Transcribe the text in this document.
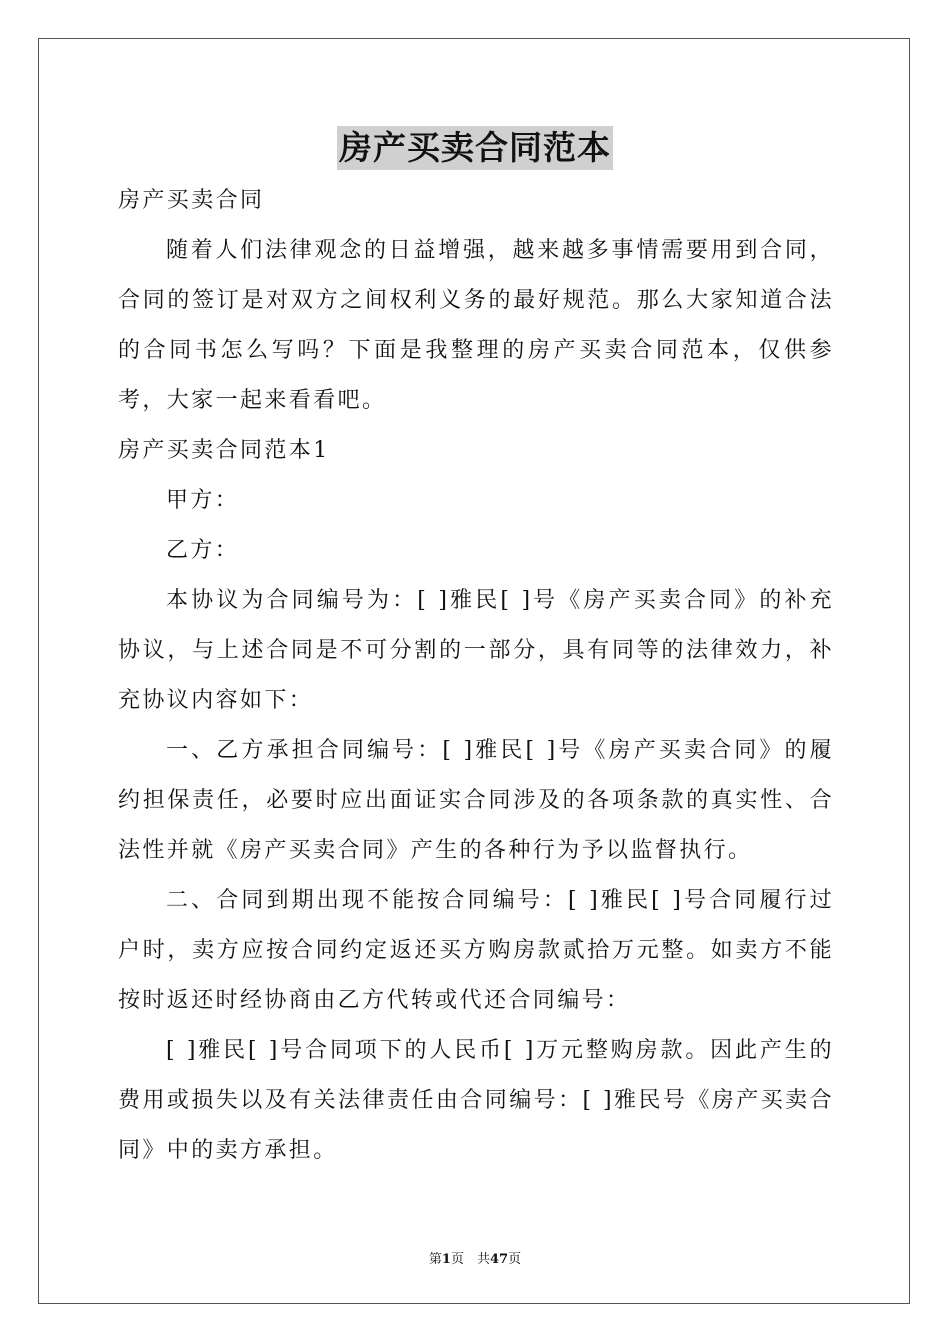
房产买卖合同范本

房产买卖合同

随着人们法律观念的日益增强，越来越多事情需要用到合同，合同的签订是对双方之间权利义务的最好规范。那么大家知道合法的合同书怎么写吗？下面是我整理的房产买卖合同范本，仅供参考，大家一起来看看吧。

房产买卖合同范本1

甲方：

乙方：

本协议为合同编号为：[ ]雅民[ ]号《房产买卖合同》的补充协议，与上述合同是不可分割的一部分，具有同等的法律效力，补充协议内容如下：

一、乙方承担合同编号：[ ]雅民[ ]号《房产买卖合同》的履约担保责任，必要时应出面证实合同涉及的各项条款的真实性、合法性并就《房产买卖合同》产生的各种行为予以监督执行。

二、合同到期出现不能按合同编号：[ ]雅民[ ]号合同履行过户时，卖方应按合同约定返还买方购房款贰拾万元整。如卖方不能按时返还时经协商由乙方代转或代还合同编号：

[ ]雅民[ ]号合同项下的人民币[ ]万元整购房款。因此产生的费用或损失以及有关法律责任由合同编号：[ ]雅民号《房产买卖合同》中的卖方承担。

第1页　共47页
